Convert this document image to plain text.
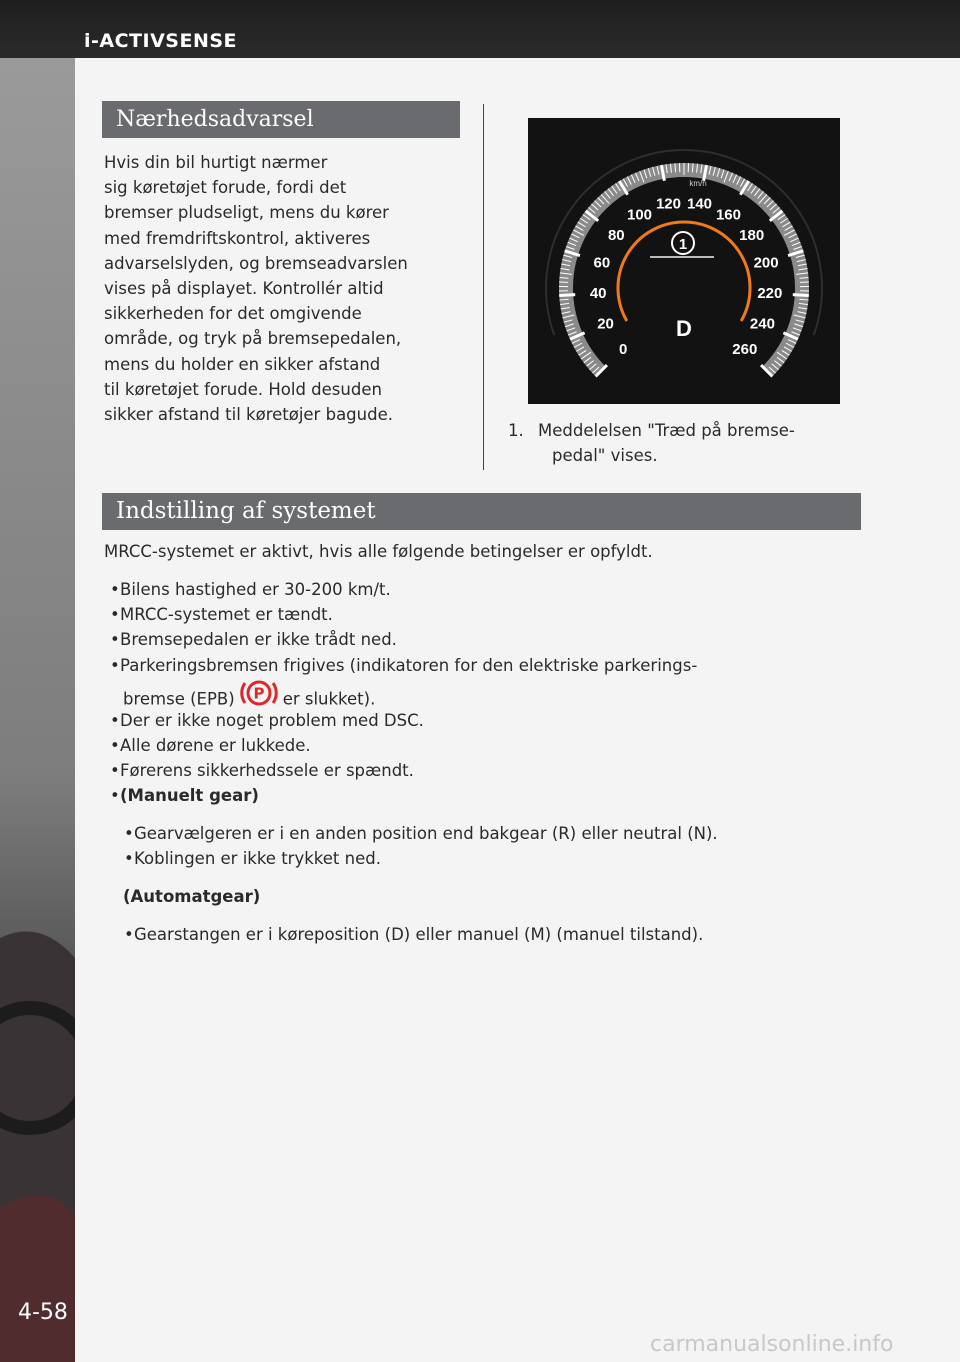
i-ACTIVSENSE
4-58
Nærhedsadvarsel
Hvis din bil hurtigt nærmer
sig køretøjet forude, fordi det
bremser pludseligt, mens du kører
med fremdriftskontrol, aktiveres
advarselslyden, og bremseadvarslen
vises på displayet. Kontrollér altid
sikkerheden for det omgivende
område, og tryk på bremsepedalen,
mens du holder en sikker afstand
til køretøjet forude. Hold desuden
sikker afstand til køretøjer bagude.
0
20
40
60
80
100
120 140
160
180
200
220
240
260
km/h
1
D
1. Meddelelsen "Træd på bremse-
pedal" vises.
Indstilling af systemet
MRCC-systemet er aktivt, hvis alle følgende betingelser er opfyldt.
•Bilens hastighed er 30-200 km/t.
•MRCC-systemet er tændt.
•Bremsepedalen er ikke trådt ned.
•Parkeringsbremsen frigives (indikatoren for den elektriske parkerings-
bremse (EPB) P er slukket).
•Der er ikke noget problem med DSC.
•Alle dørene er lukkede.
•Førerens sikkerhedssele er spændt.
•(Manuelt gear)
•Gearvælgeren er i en anden position end bakgear (R) eller neutral (N).
•Koblingen er ikke trykket ned.
(Automatgear)
•Gearstangen er i køreposition (D) eller manuel (M) (manuel tilstand).
carmanualsonline.info
